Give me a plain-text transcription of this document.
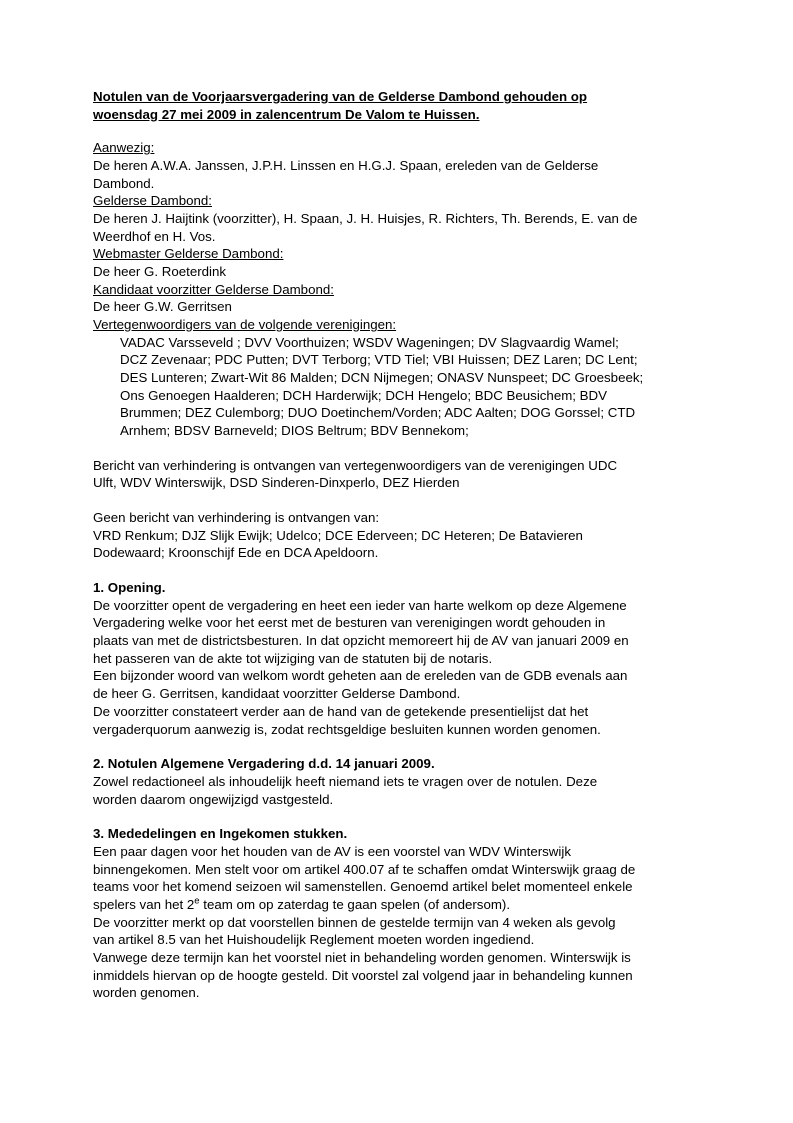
Notulen van de Voorjaarsvergadering van de Gelderse Dambond gehouden op
woensdag 27 mei 2009 in zalencentrum De Valom te Huissen.

Aanwezig:

De heren A.W.A. Janssen, J.P.H. Linssen en H.G.J. Spaan, ereleden van de Gelderse

Dambond.

Gelderse Dambond:

De heren J. Haijtink (voorzitter), H. Spaan, J. H. Huisjes, R. Richters, Th. Berends, E. van de

Weerdhof en H. Vos.

Webmaster Gelderse Dambond:

De heer G. Roeterdink

Kandidaat voorzitter Gelderse Dambond:

De heer G.W. Gerritsen

Vertegenwoordigers van de volgende verenigingen:

VADAC Varsseveld ; DVV Voorthuizen; WSDV Wageningen; DV Slagvaardig Wamel;

DCZ Zevenaar; PDC Putten; DVT Terborg; VTD Tiel; VBI Huissen; DEZ Laren; DC Lent;

DES Lunteren; Zwart-Wit 86 Malden; DCN Nijmegen; ONASV Nunspeet; DC Groesbeek;

Ons Genoegen Haalderen; DCH Harderwijk; DCH Hengelo; BDC Beusichem; BDV

Brummen; DEZ Culemborg; DUO Doetinchem/Vorden; ADC Aalten; DOG Gorssel; CTD

Arnhem; BDSV Barneveld; DIOS Beltrum; BDV Bennekom;

Bericht van verhindering is ontvangen van vertegenwoordigers van de verenigingen UDC

Ulft, WDV Winterswijk, DSD Sinderen-Dinxperlo, DEZ Hierden

Geen bericht van verhindering is ontvangen van:

VRD Renkum; DJZ Slijk Ewijk; Udelco; DCE Ederveen; DC Heteren; De Batavieren

Dodewaard; Kroonschijf Ede en DCA Apeldoorn.

1. Opening.

De voorzitter opent de vergadering en heet een ieder van harte welkom op deze Algemene

Vergadering welke voor het eerst met de besturen van verenigingen wordt gehouden in

plaats van met de districtsbesturen. In dat opzicht memoreert hij de AV van januari 2009 en

het passeren van de akte tot wijziging van de statuten bij de notaris.

Een bijzonder woord van welkom wordt geheten aan de ereleden van de GDB evenals aan

de heer G. Gerritsen, kandidaat voorzitter Gelderse Dambond.

De voorzitter constateert verder aan de hand van de getekende presentielijst dat het

vergaderquorum aanwezig is, zodat rechtsgeldige besluiten kunnen worden genomen.

2. Notulen Algemene Vergadering d.d. 14 januari 2009.

Zowel redactioneel als inhoudelijk heeft niemand iets te vragen over de notulen. Deze

worden daarom ongewijzigd vastgesteld.

3. Mededelingen en Ingekomen stukken.

Een paar dagen voor het houden van de AV is een voorstel van WDV Winterswijk

binnengekomen. Men stelt voor om artikel 400.07 af te schaffen omdat Winterswijk graag de

teams voor het komend seizoen wil samenstellen. Genoemd artikel belet momenteel enkele

spelers van het 2e team om op zaterdag te gaan spelen (of andersom).

De voorzitter merkt op dat voorstellen binnen de gestelde termijn van 4 weken als gevolg

van artikel 8.5 van het Huishoudelijk Reglement moeten worden ingediend.

Vanwege deze termijn kan het voorstel niet in behandeling worden genomen. Winterswijk is

inmiddels hiervan op de hoogte gesteld. Dit voorstel zal volgend jaar in behandeling kunnen

worden genomen.
